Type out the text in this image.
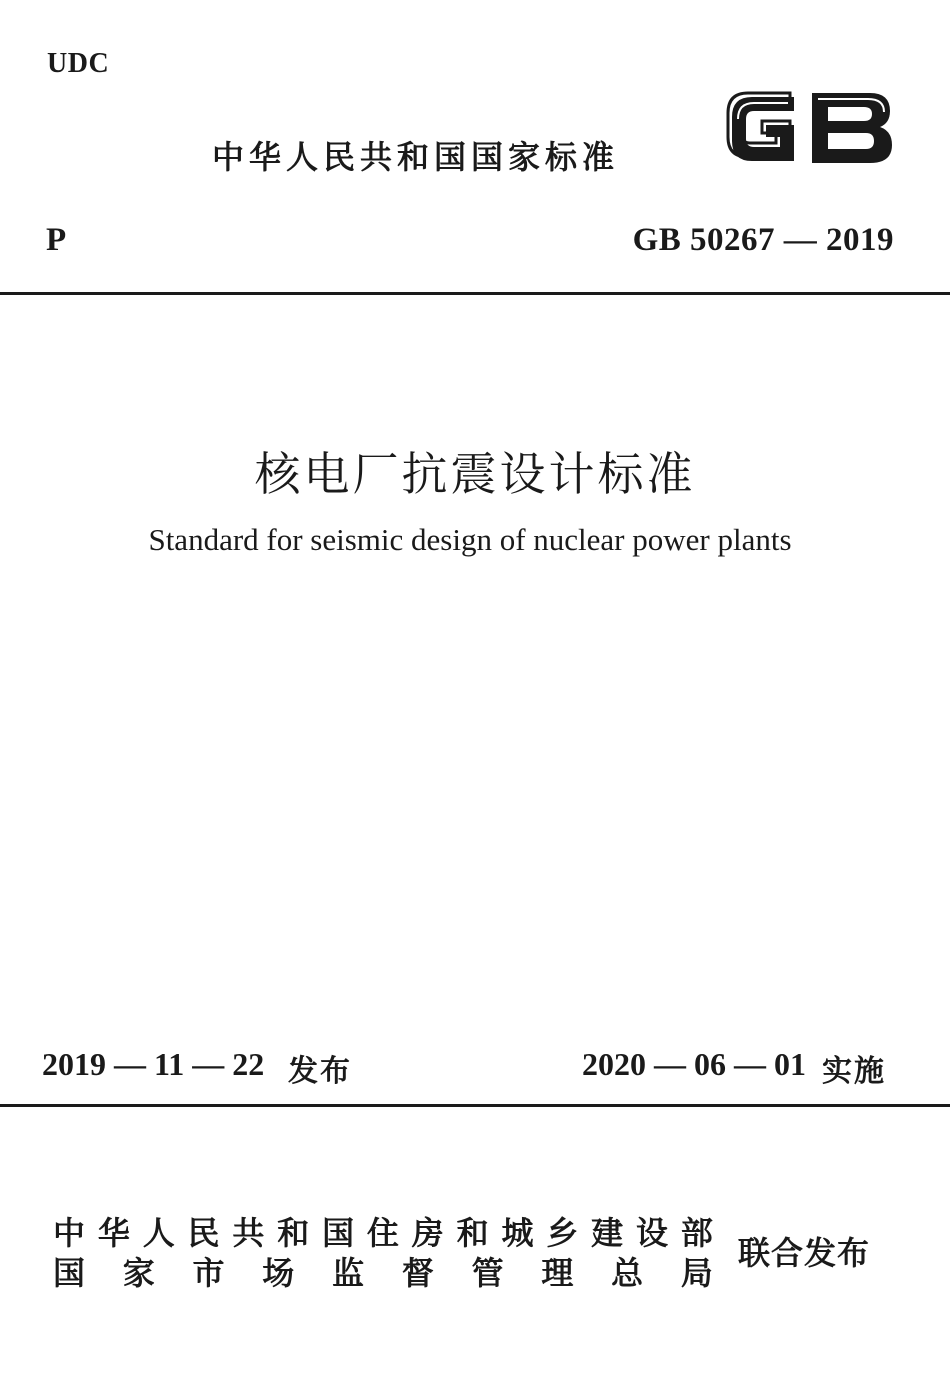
UDC
中华人民共和国国家标准
P	GB 50267 — 2019
核电厂抗震设计标准
Standard for seismic design of nuclear power plants
2019 — 11 — 22 发布	2020 — 06 — 01 实施
中 华 人 民 共 和 国 住 房 和 城 乡 建 设 部
国 家 市 场 监 督 管 理 总 局
联合发布
